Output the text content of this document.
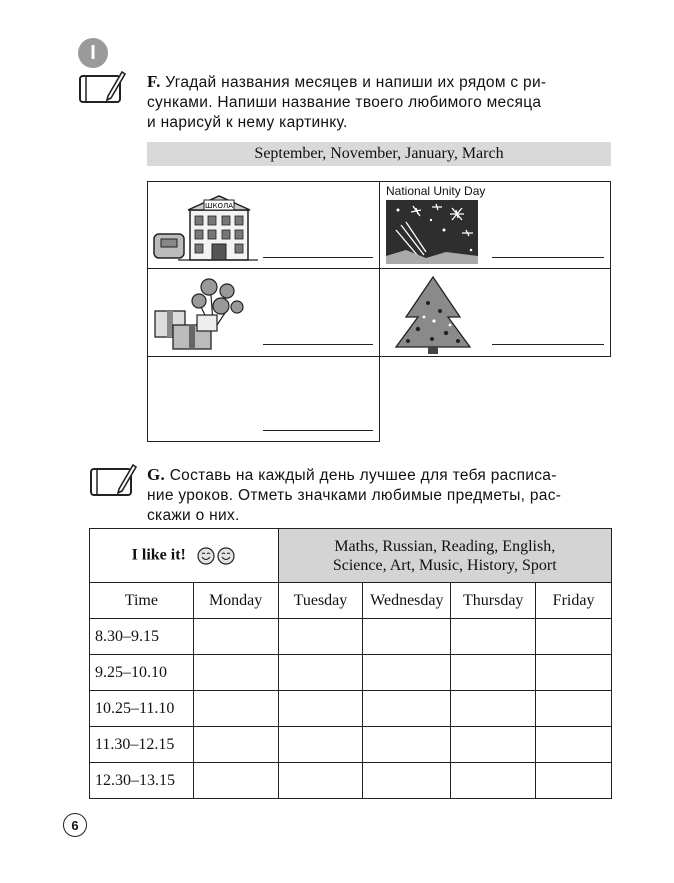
I
F. Угадай названия месяцев и напиши их рядом с ри-
сунками. Напиши название твоего любимого месяца
и нарисуй к нему картинку.
September, November, January, March
ШКОЛА
National Unity Day
G. Составь на каждый день лучшее для тебя расписа-
ние уроков. Отметь значками любимые предметы, рас-
скажи о них.
I like it!		Maths, Russian, Reading, English,
Science, Art, Music, History, Sport			

Time	Monday	Tuesday	Wednesday	Thursday	Friday
8.30–9.15					
9.25–10.10					
10.25–11.10					
11.30–12.15					
12.30–13.15					
6
